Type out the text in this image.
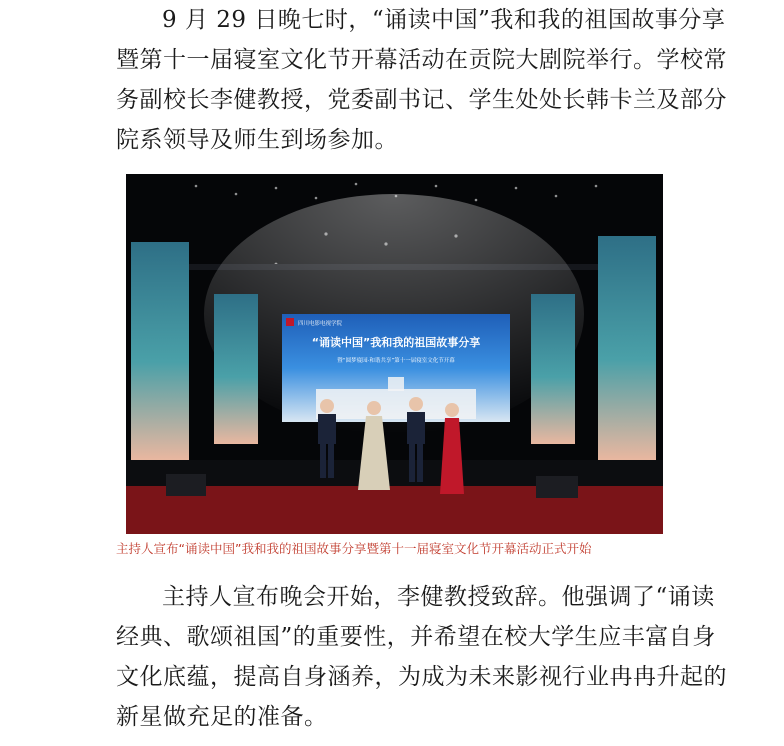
9 月 29 日晚七时，“诵读中国”我和我的祖国故事分享
暨第十一届寝室文化节开幕活动在贡院大剧院举行。学校常
务副校长李健教授，党委副书记、学生处处长韩卡兰及部分
院系领导及师生到场参加。
四川电影电视学院
“诵读中国”我和我的祖国故事分享
暨“圆梦寝园·和谐共享”第十一届寝室文化节开幕
主持人宣布“诵读中国”我和我的祖国故事分享暨第十一届寝室文化节开幕活动正式开始
主持人宣布晚会开始，李健教授致辞。他强调了“诵读
经典、歌颂祖国”的重要性，并希望在校大学生应丰富自身
文化底蕴，提高自身涵养，为成为未来影视行业冉冉升起的
新星做充足的准备。
